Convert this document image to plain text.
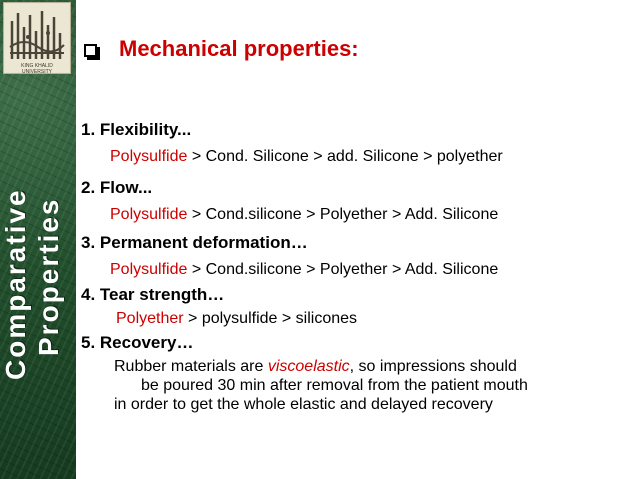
KING KHALID UNIVERSITY
Comparative Properties
Mechanical properties:
1. Flexibility...
Polysulfide > Cond. Silicone > add. Silicone > polyether
2. Flow...
Polysulfide > Cond.silicone > Polyether > Add. Silicone
3. Permanent deformation…
Polysulfide > Cond.silicone > Polyether > Add. Silicone
4. Tear strength…
Polyether > polysulfide > silicones
5. Recovery…
Rubber materials are viscoelastic, so impressions should
be poured 30 min after removal from the patient mouth
in order to get the whole elastic and delayed recovery
